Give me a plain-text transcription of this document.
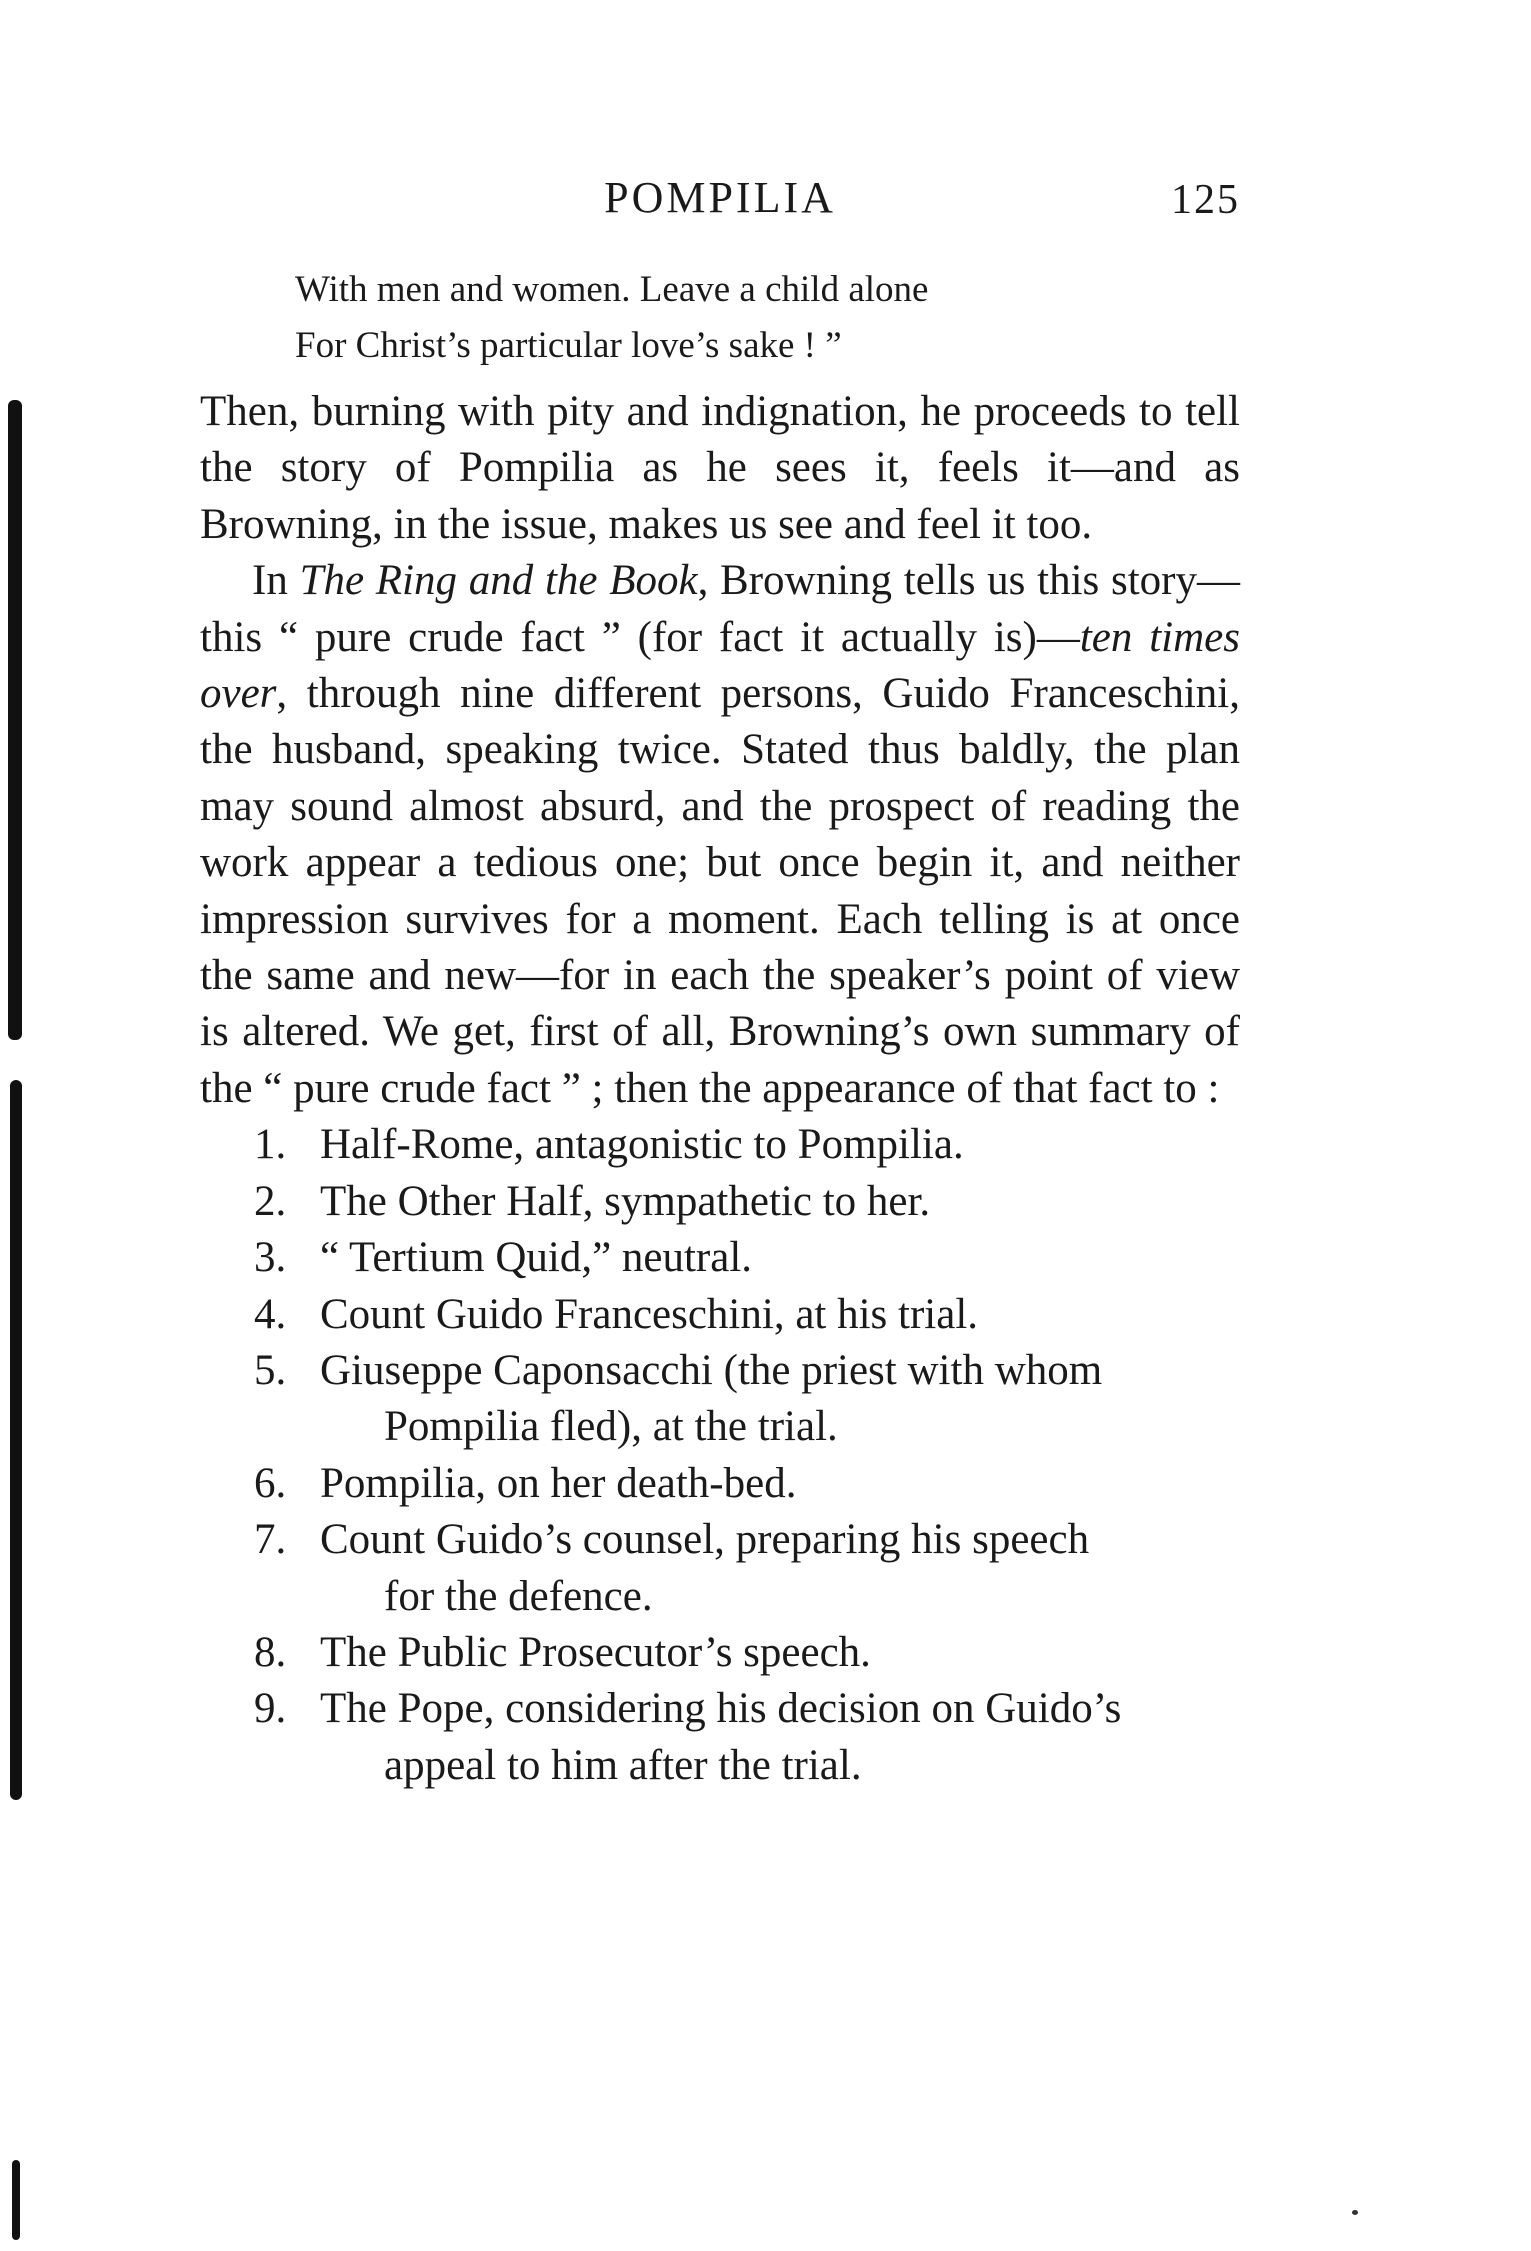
POMPILIA	125
With men and women. Leave a child alone
For Christ’s particular love’s sake ! ”

Then, burning with pity and indignation, he proceeds to tell the story of Pompilia as he sees it, feels it—and as Browning, in the issue, makes us see and feel it too.

In The Ring and the Book, Browning tells us this story—this “ pure crude fact ” (for fact it actually is)—ten times over, through nine different persons, Guido Franceschini, the husband, speaking twice. Stated thus baldly, the plan may sound almost absurd, and the prospect of reading the work appear a tedious one; but once begin it, and neither impression survives for a moment. Each telling is at once the same and new—for in each the speaker’s point of view is altered. We get, first of all, Browning’s own summary of the “ pure crude fact ” ; then the appearance of that fact to :

1. Half-Rome, antagonistic to Pompilia.
2. The Other Half, sympathetic to her.
3. “ Tertium Quid,” neutral.
4. Count Guido Franceschini, at his trial.
5. Giuseppe Caponsacchi (the priest with whom
Pompilia fled), at the trial.
6. Pompilia, on her death-bed.
7. Count Guido’s counsel, preparing his speech
for the defence.
8. The Public Prosecutor’s speech.
9. The Pope, considering his decision on Guido’s
appeal to him after the trial.
